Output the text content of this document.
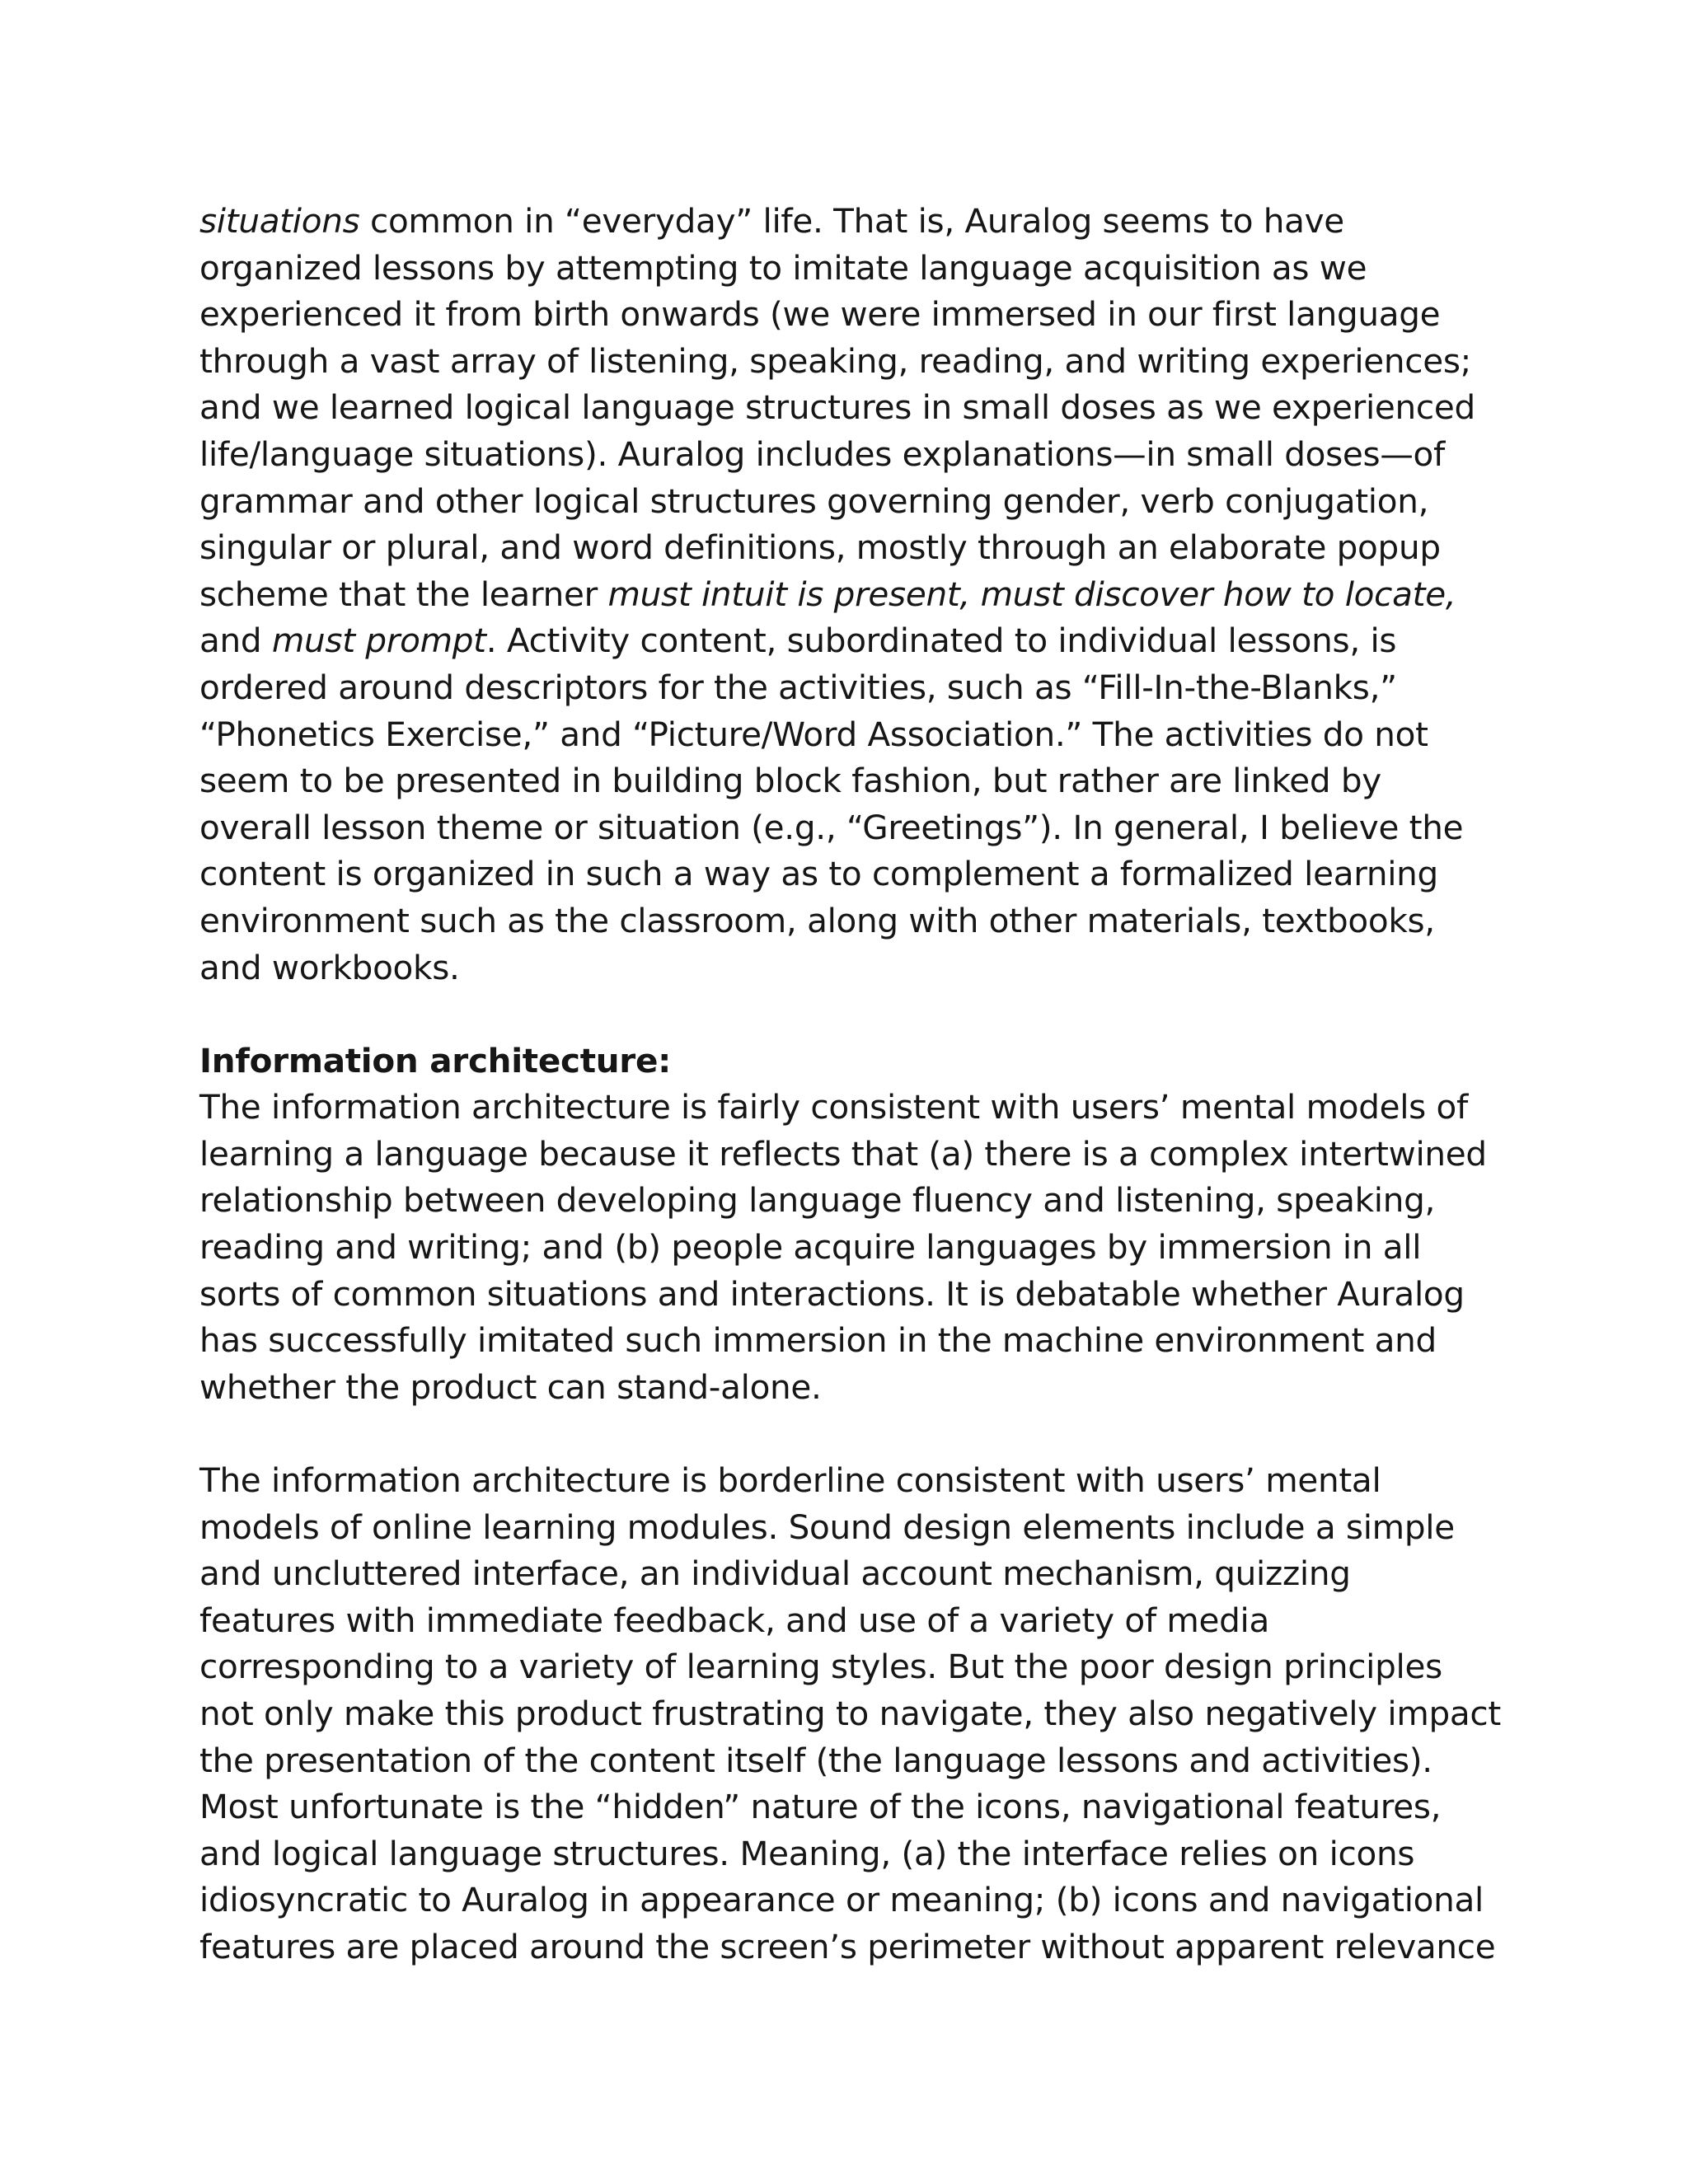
situations common in “everyday” life. That is, Auralog seems to have
organized lessons by attempting to imitate language acquisition as we
experienced it from birth onwards (we were immersed in our first language
through a vast array of listening, speaking, reading, and writing experiences;
and we learned logical language structures in small doses as we experienced
life/language situations). Auralog includes explanations—in small doses—of
grammar and other logical structures governing gender, verb conjugation,
singular or plural, and word definitions, mostly through an elaborate popup
scheme that the learner must intuit is present, must discover how to locate,
and must prompt. Activity content, subordinated to individual lessons, is
ordered around descriptors for the activities, such as “Fill-In-the-Blanks,”
“Phonetics Exercise,” and “Picture/Word Association.” The activities do not
seem to be presented in building block fashion, but rather are linked by
overall lesson theme or situation (e.g., “Greetings”). In general, I believe the
content is organized in such a way as to complement a formalized learning
environment such as the classroom, along with other materials, textbooks,
and workbooks.
Information architecture:
The information architecture is fairly consistent with users’ mental models of
learning a language because it reflects that (a) there is a complex intertwined
relationship between developing language fluency and listening, speaking,
reading and writing; and (b) people acquire languages by immersion in all
sorts of common situations and interactions. It is debatable whether Auralog
has successfully imitated such immersion in the machine environment and
whether the product can stand-alone.
The information architecture is borderline consistent with users’ mental
models of online learning modules. Sound design elements include a simple
and uncluttered interface, an individual account mechanism, quizzing
features with immediate feedback, and use of a variety of media
corresponding to a variety of learning styles. But the poor design principles
not only make this product frustrating to navigate, they also negatively impact
the presentation of the content itself (the language lessons and activities).
Most unfortunate is the “hidden” nature of the icons, navigational features,
and logical language structures. Meaning, (a) the interface relies on icons
idiosyncratic to Auralog in appearance or meaning; (b) icons and navigational
features are placed around the screen’s perimeter without apparent relevance
